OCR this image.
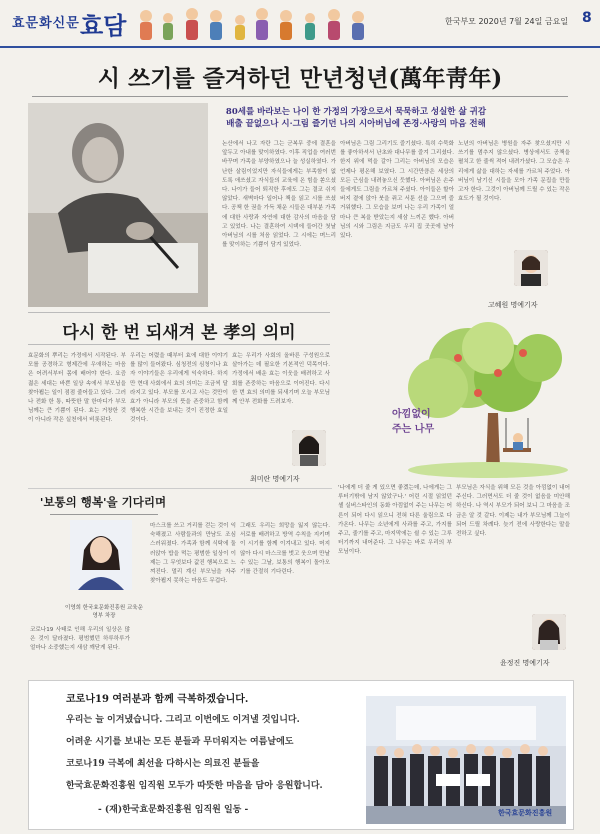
효문화신문 효담	한국부모 2020년 7월 24일 금요일 8
시 쓰기를 즐겨하던 만년청년(萬年靑年)
80세를 바라보는 나이 한 가정의 가장으로서 묵묵하고 성실한 삶 귀감 배출 끝없으나 시·그림 즐기던 나의 시아버님에 존경·사랑의 마음 전해
논산에서 나고 자란 그는 군복무 중에 결혼을 앞두고 아내를 맞이하였다. 이후 직업을 여러번 바꾸며 가족을 부양하였으나 늘 성실하였다. 가난한 살림이었지만 자식들에게는 부족함이 없도록 애쓰셨고 자식들의 교육에 온 힘을 쏟으셨다. 나이가 들어 퇴직한 후에도 그는 결코 쉬지 않았다. 새벽마다 일어나 책을 읽고 시를 쓰셨다. 공책 한 권을 가득 채운 시들은 대부분 가족에 대한 사랑과 자연에 대한 감사의 마음을 담고 있었다. 나는 결혼하여 시댁에 들어간 첫날 아버님의 시를 처음 읽었다. 그 시에는 며느리를 맞이하는 기쁨이 담겨 있었다.
아버님은 그림 그리기도 즐기셨다. 특히 수묵화를 좋아하셔서 난초와 대나무를 즐겨 그리셨다. 한지 위에 먹을 갈아 그리는 아버님의 모습은 언제나 평온해 보였다. 그 시간만큼은 세상의 모든 근심을 내려놓으신 듯했다. 아버님은 손주들에게도 그림을 가르쳐 주셨다. 아이들은 할아버지 곁에 앉아 붓을 쥐고 서툰 선을 그으며 즐거워했다. 그 모습을 보며 나는 우리 가족이 얼마나 큰 복을 받았는지 새삼 느끼곤 했다. 아버님의 시와 그림은 지금도 우리 집 곳곳에 남아 있다.
노년의 아버님은 병원을 자주 찾으셨지만 시 쓰기를 멈추지 않으셨다. 병상에서도 공책을 펼치고 한 줄씩 적어 내려가셨다. 그 모습은 우리에게 삶을 대하는 자세를 가르쳐 주었다. 아버님이 남기신 시들을 모아 가족 문집을 만들고자 한다. 그것이 아버님께 드릴 수 있는 작은 효도가 될 것이다.
고혜원 명예기자
다시 한 번 되새겨 본 孝의 의미
효문화의 뿌리는 가정에서 시작된다. 부모를 공경하고 형제간에 우애하는 마음은 어려서부터 몸에 배어야 한다. 요즘 젊은 세대는 바쁜 일상 속에서 부모님을 찾아뵙는 일이 점점 줄어들고 있다. 그러나 전화 한 통, 따뜻한 말 한마디가 부모님께는 큰 기쁨이 된다. 효는 거창한 것이 아니라 작은 실천에서 비롯된다.
우리는 어렸을 때부터 효에 대한 이야기를 많이 들어왔다. 심청전의 심청이나 효자 이야기들은 우리에게 익숙하다. 하지만 현대 사회에서 효의 의미는 조금씩 달라지고 있다. 부모를 모시고 사는 것만이 효가 아니라 부모의 뜻을 존중하고 함께 행복한 시간을 보내는 것이 진정한 효일 것이다.
효는 우리가 사회의 올바른 구성원으로 살아가는 데 필요한 기본적인 덕목이다. 가정에서 배운 효는 이웃을 배려하고 사회를 존중하는 마음으로 이어진다. 다시 한 번 효의 의미를 되새기며 오늘 부모님께 안부 전화를 드려보자.
최미란 명예기자
아낌없이
주는 나무
'나에게 더 줄 게 있으면 좋겠는데, 나에게는 그루터기밖에 남지 않았구나.' 어린 시절 읽었던 셸 실버스타인의 동화 아낌없이 주는 나무는 어른이 되어 다시 읽으니 전혀 다른 울림으로 다가온다. 나무는 소년에게 사과를 주고, 가지를 주고, 줄기를 주고, 마지막에는 쉴 수 있는 그루터기까지 내어준다. 그 나무는 바로 우리의 부모님이다.
부모님은 자식을 위해 모든 것을 아낌없이 내어주신다. 그러면서도 더 줄 것이 없음을 미안해하신다. 나 역시 부모가 되어 보니 그 마음을 조금은 알 것 같다. 이제는 내가 부모님께 그늘이 되어 드릴 차례다. 늦기 전에 사랑한다는 말을 전하고 싶다.
윤정진 명예기자
'보통의 행복'을 기다리며
이영희 한국효문화진흥원 교육운영부 차장
코로나19 사태로 인해 우리의 일상은 많은 것이 달라졌다. 평범했던 하루하루가 얼마나 소중했는지 새삼 깨닫게 된다.
마스크를 쓰고 거리를 걷는 것이 익숙해졌고 사람들과의 만남도 조심스러워졌다. 가족과 함께 식탁에 둘러앉아 밥을 먹는 평범한 일상이 이제는 그 무엇보다 값진 행복으로 느껴진다. 멀리 계신 부모님을 자주 찾아뵙지 못하는 마음도 무겁다.
그래도 우리는 희망을 잃지 않는다. 서로를 배려하고 방역 수칙을 지키며 이 시기를 함께 이겨내고 있다. 머지않아 다시 마스크를 벗고 웃으며 만날 수 있는 그날, 보통의 행복이 돌아오기를 간절히 기다린다.
코로나19 여러분과 함께 극복하겠습니다.
우리는 늘 이겨냈습니다. 그리고 이번에도 이겨낼 것입니다.
어려운 시기를 보내는 모든 분들과 무더워지는 여름날에도
코로나19 극복에 최선을 다하시는 의료진 분들을
한국효문화진흥원 임직원 모두가 따뜻한 마음을 담아 응원합니다.
- (재)한국효문화진흥원 임직원 일동 -	한국효문화진흥원
